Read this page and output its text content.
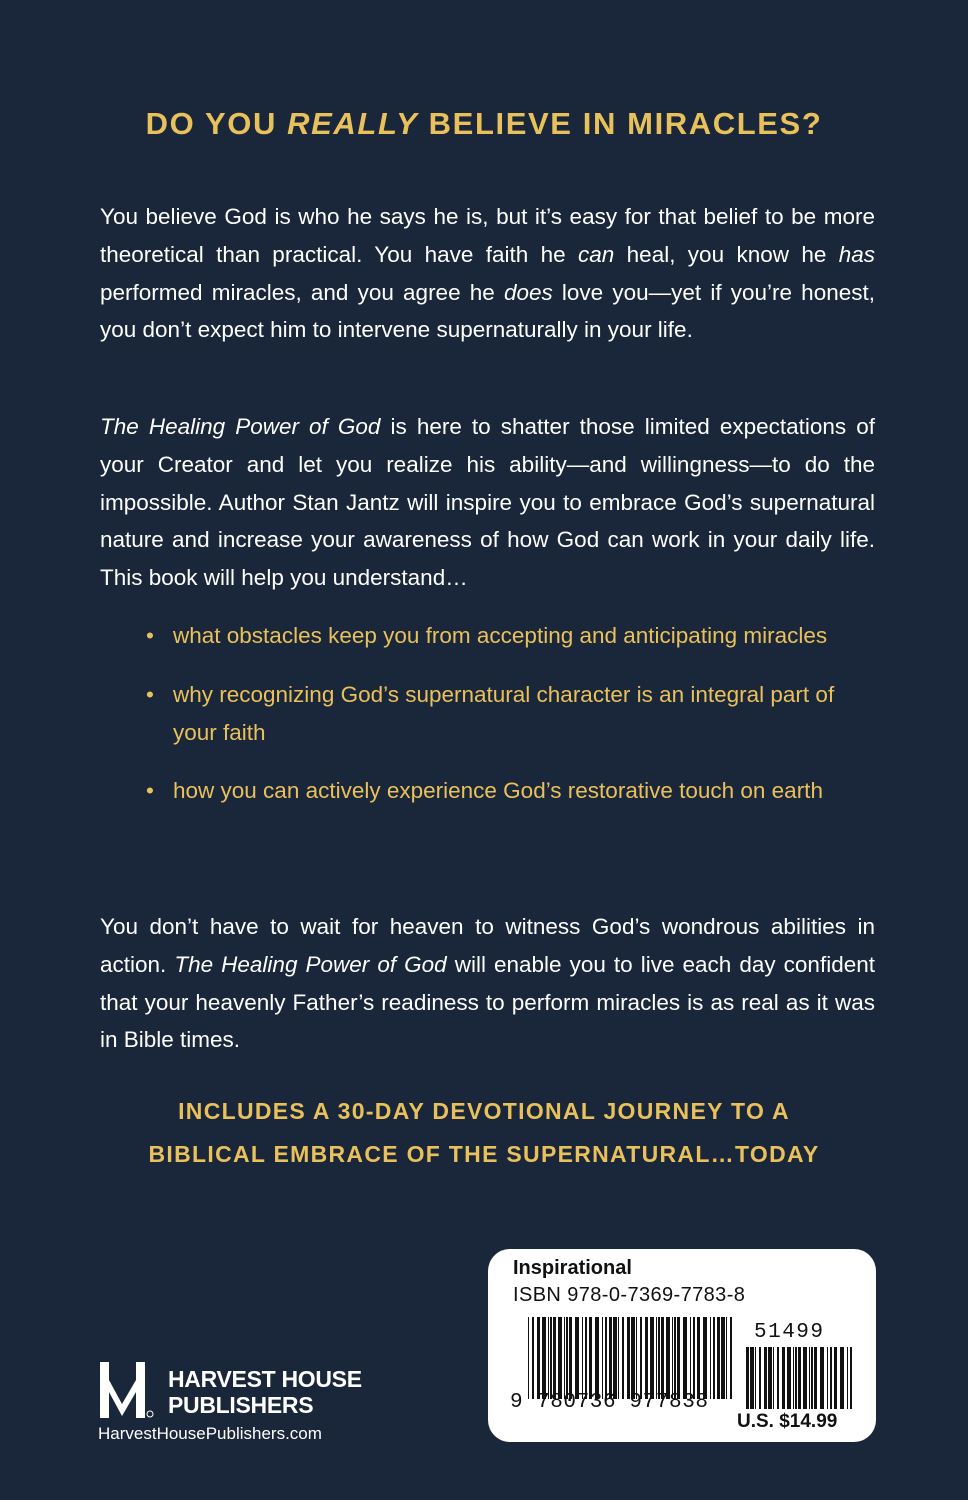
DO YOU REALLY BELIEVE IN MIRACLES?

You believe God is who he says he is, but it’s easy for that belief to be more theoretical than practical. You have faith he can heal, you know he has performed miracles, and you agree he does love you—yet if you’re honest, you don’t expect him to intervene supernaturally in your life.

The Healing Power of God is here to shatter those limited expectations of your Creator and let you realize his ability—and willingness—to do the impossible. Author Stan Jantz will inspire you to embrace God’s supernatural nature and increase your awareness of how God can work in your daily life. This book will help you understand…

• what obstacles keep you from accepting and anticipating miracles
• why recognizing God’s supernatural character is an integral part of your faith
• how you can actively experience God’s restorative touch on earth

You don’t have to wait for heaven to witness God’s wondrous abilities in action. The Healing Power of God will enable you to live each day confident that your heavenly Father’s readiness to perform miracles is as real as it was in Bible times.

INCLUDES A 30-DAY DEVOTIONAL JOURNEY TO A
BIBLICAL EMBRACE OF THE SUPERNATURAL…TODAY
HARVEST HOUSE
PUBLISHERS
HarvestHousePublishers.com
Inspirational
ISBN 978-0-7369-7783-8
51499
9 780736 977838
U.S. $14.99
